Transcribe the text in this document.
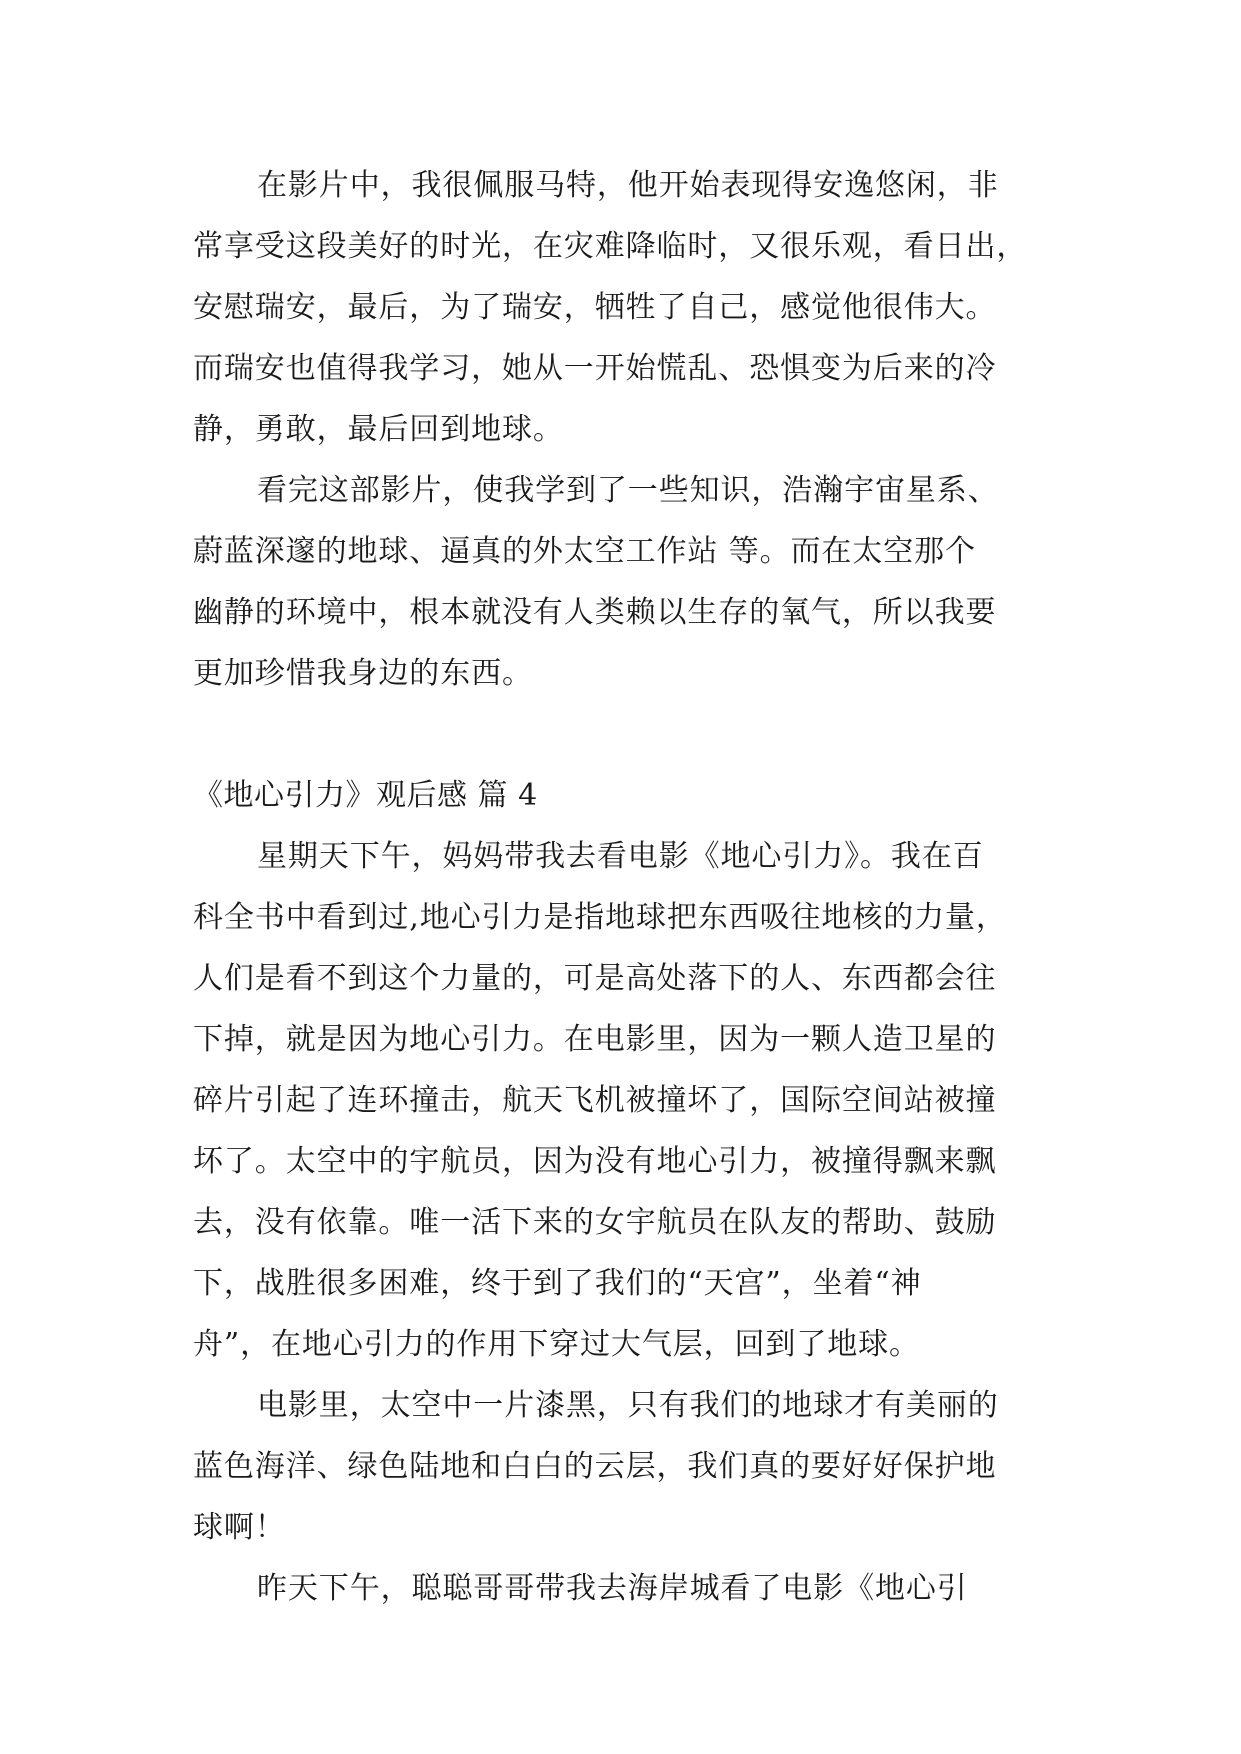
在影片中，我很佩服马特，他开始表现得安逸悠闲，非
常享受这段美好的时光，在灾难降临时，又很乐观，看日出，
安慰瑞安，最后，为了瑞安，牺牲了自己，感觉他很伟大。
而瑞安也值得我学习，她从一开始慌乱、恐惧变为后来的冷
静，勇敢，最后回到地球。
看完这部影片，使我学到了一些知识，浩瀚宇宙星系、
蔚蓝深邃的地球、逼真的外太空工作站 等。而在太空那个
幽静的环境中，根本就没有人类赖以生存的氧气，所以我要
更加珍惜我身边的东西。
《地心引力》观后感 篇 4
星期天下午，妈妈带我去看电影《地心引力》。我在百
科全书中看到过,地心引力是指地球把东西吸往地核的力量，
人们是看不到这个力量的，可是高处落下的人、东西都会往
下掉，就是因为地心引力。在电影里，因为一颗人造卫星的
碎片引起了连环撞击，航天飞机被撞坏了，国际空间站被撞
坏了。太空中的宇航员，因为没有地心引力，被撞得飘来飘
去，没有依靠。唯一活下来的女宇航员在队友的帮助、鼓励
下，战胜很多困难，终于到了我们的“天宫”，坐着“神
舟”，在地心引力的作用下穿过大气层，回到了地球。
电影里，太空中一片漆黑，只有我们的地球才有美丽的
蓝色海洋、绿色陆地和白白的云层，我们真的要好好保护地
球啊！
昨天下午，聪聪哥哥带我去海岸城看了电影《地心引
